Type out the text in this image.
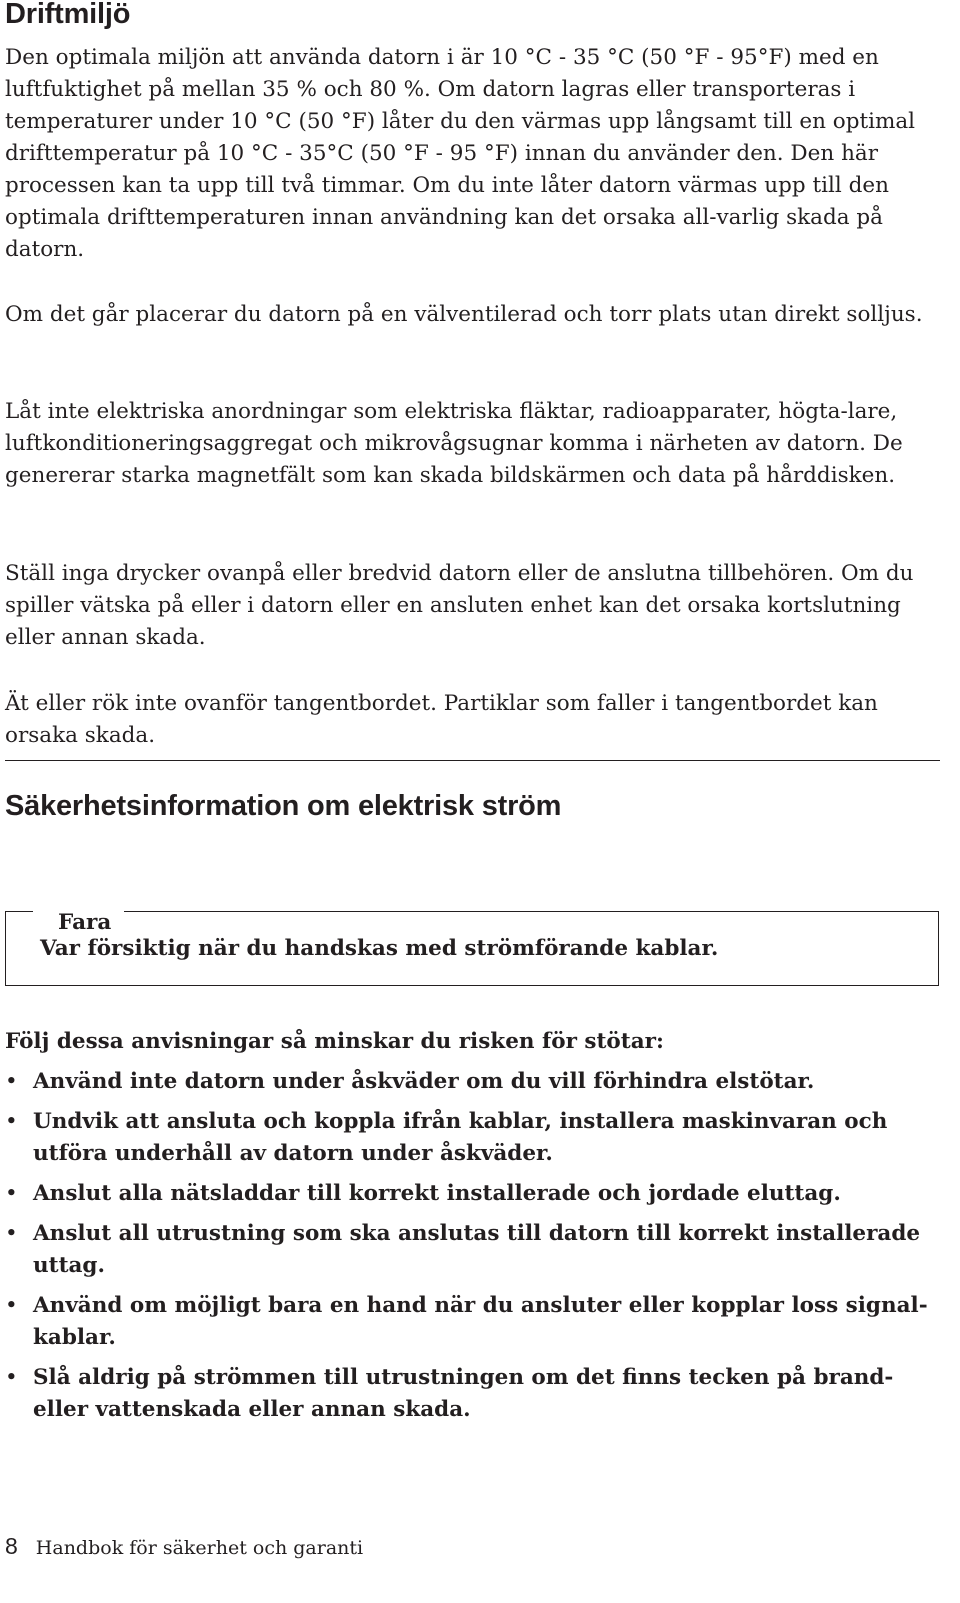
Driftmiljö

Den optimala miljön att använda datorn i är 10 °C - 35 °C (50 °F - 95°F) med en luftfuktighet på mellan 35 % och 80 %. Om datorn lagras eller transporteras i temperaturer under 10 °C (50 °F) låter du den värmas upp långsamt till en optimal drifttemperatur på 10 °C - 35°C (50 °F - 95 °F) innan du använder den. Den här processen kan ta upp till två timmar. Om du inte låter datorn värmas upp till den optimala drifttemperaturen innan användning kan det orsaka all-varlig skada på datorn.

Om det går placerar du datorn på en välventilerad och torr plats utan direkt solljus.

Låt inte elektriska anordningar som elektriska fläktar, radioapparater, högta-lare, luftkonditioneringsaggregat och mikrovågsugnar komma i närheten av datorn. De genererar starka magnetfält som kan skada bildskärmen och data på hårddisken.

Ställ inga drycker ovanpå eller bredvid datorn eller de anslutna tillbehören. Om du spiller vätska på eller i datorn eller en ansluten enhet kan det orsaka kortslutning eller annan skada.

Ät eller rök inte ovanför tangentbordet. Partiklar som faller i tangentbordet kan orsaka skada.

Säkerhetsinformation om elektrisk ström
Fara
Var försiktig när du handskas med strömförande kablar.
Följ dessa anvisningar så minskar du risken för stötar:
• Använd inte datorn under åskväder om du vill förhindra elstötar.
• Undvik att ansluta och koppla ifrån kablar, installera maskinvaran och utföra underhåll av datorn under åskväder.
• Anslut alla nätsladdar till korrekt installerade och jordade eluttag.
• Anslut all utrustning som ska anslutas till datorn till korrekt installerade uttag.
• Använd om möjligt bara en hand när du ansluter eller kopplar loss signal-kablar.
• Slå aldrig på strömmen till utrustningen om det finns tecken på brand-eller vattenskada eller annan skada.
8 Handbok för säkerhet och garanti
